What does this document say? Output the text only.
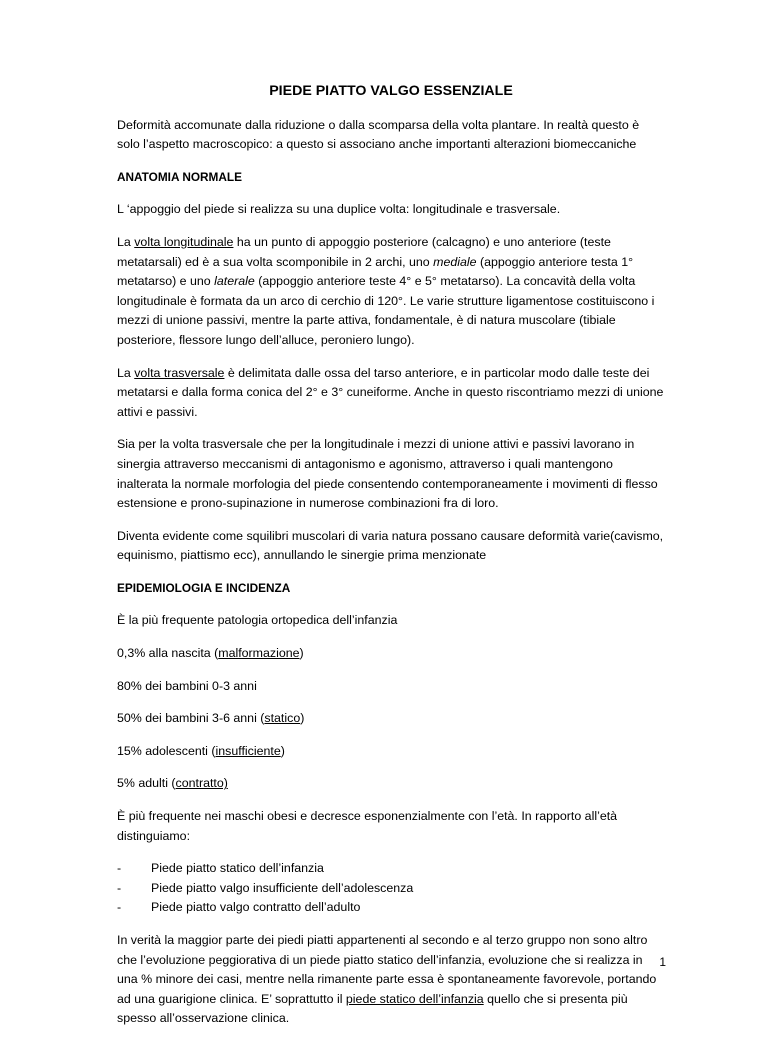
PIEDE PIATTO VALGO ESSENZIALE

Deformità accomunate dalla riduzione o dalla scomparsa della volta plantare. In realtà questo è solo l’aspetto macroscopico: a questo si associano anche importanti alterazioni biomeccaniche

ANATOMIA NORMALE

L ‘appoggio del piede si realizza su una duplice volta: longitudinale e trasversale.

La volta longitudinale ha un punto di appoggio posteriore (calcagno) e uno anteriore (teste metatarsali) ed è a sua volta scomponibile in 2 archi, uno mediale (appoggio anteriore testa 1° metatarso) e uno laterale (appoggio anteriore teste 4° e 5° metatarso). La concavità della volta longitudinale è formata da un arco di cerchio di 120°. Le varie strutture ligamentose costituiscono i mezzi di unione passivi, mentre la parte attiva, fondamentale, è di natura muscolare (tibiale posteriore, flessore lungo dell’alluce, peroniero lungo).

La volta trasversale è delimitata dalle ossa del tarso anteriore, e in particolar modo dalle teste dei metatarsi e dalla forma conica del 2° e 3° cuneiforme. Anche in questo riscontriamo mezzi di unione attivi e passivi.

Sia per la volta trasversale che per la longitudinale i mezzi di unione attivi e passivi lavorano in sinergia attraverso meccanismi di antagonismo e agonismo, attraverso i quali mantengono inalterata la normale morfologia del piede consentendo contemporaneamente i movimenti di flesso estensione e prono-supinazione in numerose combinazioni fra di loro.

Diventa evidente come squilibri muscolari di varia natura possano causare deformità varie(cavismo, equinismo, piattismo ecc), annullando le sinergie prima menzionate

EPIDEMIOLOGIA E INCIDENZA

È la più frequente patologia ortopedica dell’infanzia

0,3% alla nascita (malformazione)

80% dei bambini 0-3 anni

50% dei bambini 3-6 anni (statico)

15% adolescenti (insufficiente)

5% adulti (contratto)

È più frequente nei maschi obesi e decresce esponenzialmente con l’età. In rapporto all’età distinguiamo:

- Piede piatto statico dell’infanzia
- Piede piatto valgo insufficiente dell’adolescenza
- Piede piatto valgo contratto dell’adulto

In verità la maggior parte dei piedi piatti appartenenti al secondo e al terzo gruppo non sono altro che l’evoluzione peggiorativa di un piede piatto statico dell’infanzia, evoluzione che si realizza in una % minore dei casi, mentre nella rimanente parte essa è spontaneamente favorevole, portando ad una guarigione clinica. E’ soprattutto il piede statico dell’infanzia quello che si presenta più spesso all’osservazione clinica.

1
